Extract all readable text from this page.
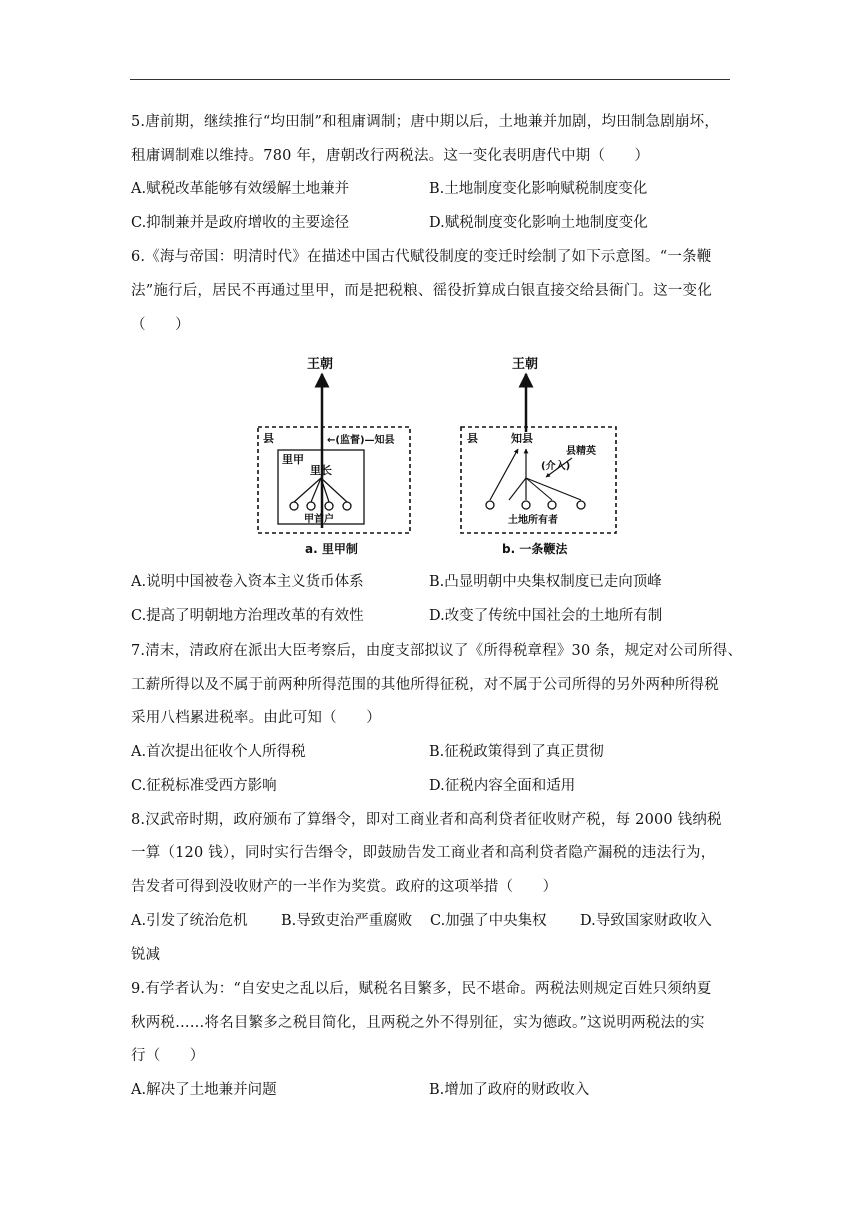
5.唐前期，继续推行“均田制”和租庸调制；唐中期以后，土地兼并加剧，均田制急剧崩坏，
租庸调制难以维持。780 年，唐朝改行两税法。这一变化表明唐代中期（　　）
A.赋税改革能够有效缓解土地兼并	B.土地制度变化影响赋税制度变化
C.抑制兼并是政府增收的主要途径	D.赋税制度变化影响土地制度变化
6.《海与帝国：明清时代》在描述中国古代赋役制度的变迁时绘制了如下示意图。“一条鞭
法”施行后，居民不再通过里甲，而是把税粮、徭役折算成白银直接交给县衙门。这一变化
（　　）
王朝
县	←(监督)—知县
里甲
里长
甲首户
a. 里甲制
王朝
县	知县
县精英
(介入)
土地所有者
b. 一条鞭法
A.说明中国被卷入资本主义货币体系	B.凸显明朝中央集权制度已走向顶峰
C.提高了明朝地方治理改革的有效性	D.改变了传统中国社会的土地所有制
7.清末，清政府在派出大臣考察后，由度支部拟议了《所得税章程》30 条，规定对公司所得、
工薪所得以及不属于前两种所得范围的其他所得征税，对不属于公司所得的另外两种所得税
采用八档累进税率。由此可知（　　）
A.首次提出征收个人所得税	B.征税政策得到了真正贯彻
C.征税标准受西方影响	D.征税内容全面和适用
8.汉武帝时期，政府颁布了算缗令，即对工商业者和高利贷者征收财产税，每 2000 钱纳税
一算（120 钱），同时实行告缗令，即鼓励告发工商业者和高利贷者隐产漏税的违法行为，
告发者可得到没收财产的一半作为奖赏。政府的这项举措（　　）
A.引发了统治危机 B.导致吏治严重腐败 C.加强了中央集权 D.导致国家财政收入
锐减
9.有学者认为：“自安史之乱以后，赋税名目繁多，民不堪命。两税法则规定百姓只须纳夏
秋两税……将名目繁多之税目简化，且两税之外不得别征，实为德政。”这说明两税法的实
行（　　）
A.解决了土地兼并问题	B.增加了政府的财政收入
